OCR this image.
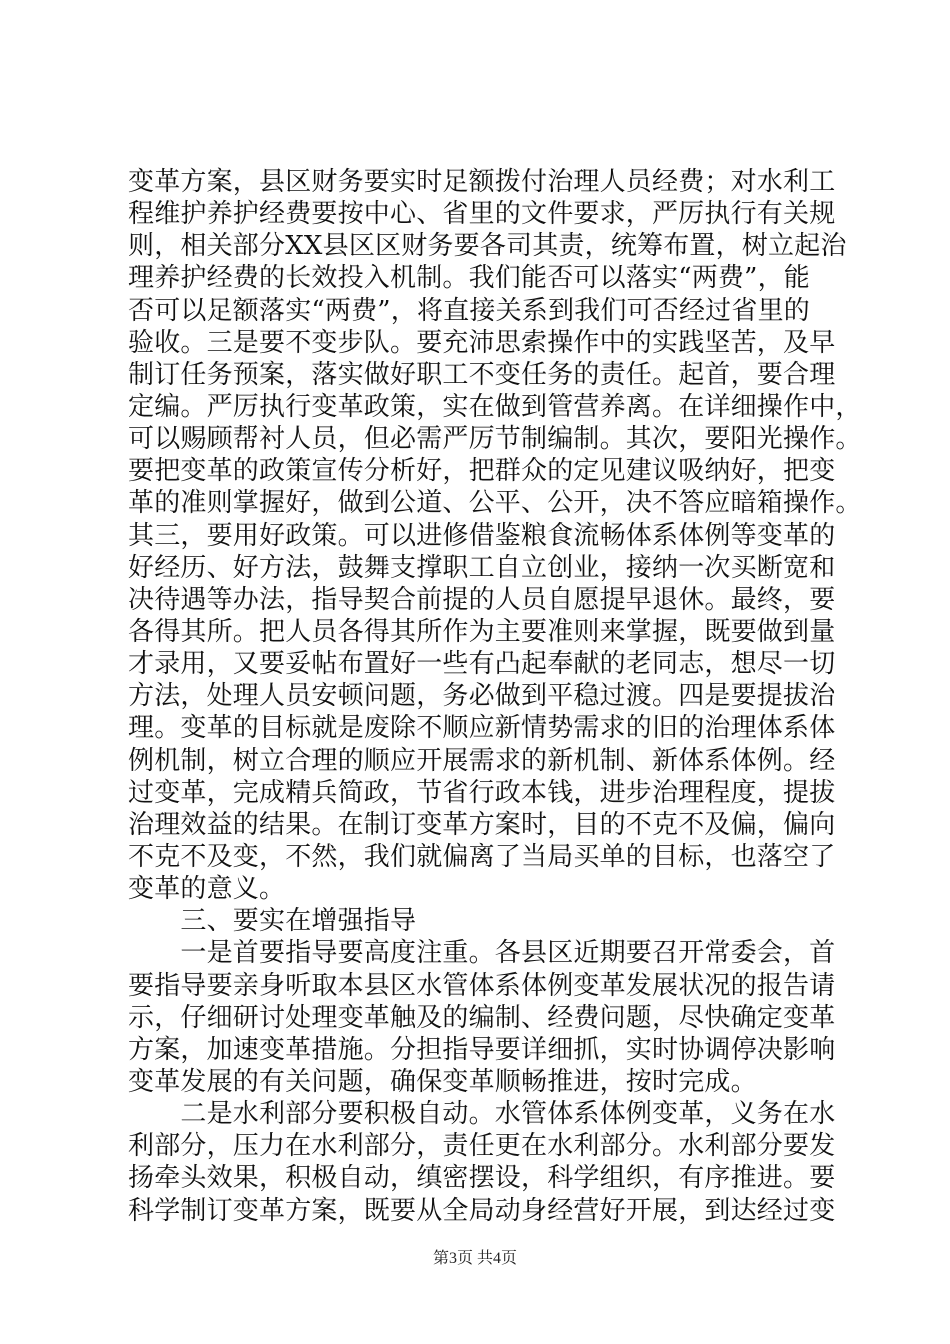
变革方案，县区财务要实时足额拨付治理人员经费；对水利工
程维护养护经费要按中心、省里的文件要求，严厉执行有关规
则，相关部分XX县区区财务要各司其责，统筹布置，树立起治
理养护经费的长效投入机制。我们能否可以落实“两费”，能
否可以足额落实“两费”，将直接关系到我们可否经过省里的
验收。三是要不变步队。要充沛思索操作中的实践坚苦，及早
制订任务预案，落实做好职工不变任务的责任。起首，要合理
定编。严厉执行变革政策，实在做到管营养离。在详细操作中，
可以赐顾帮衬人员，但必需严厉节制编制。其次，要阳光操作。
要把变革的政策宣传分析好，把群众的定见建议吸纳好，把变
革的准则掌握好，做到公道、公平、公开，决不答应暗箱操作。
其三，要用好政策。可以进修借鉴粮食流畅体系体例等变革的
好经历、好方法，鼓舞支撑职工自立创业，接纳一次买断宽和
决待遇等办法，指导契合前提的人员自愿提早退休。最终，要
各得其所。把人员各得其所作为主要准则来掌握，既要做到量
才录用，又要妥帖布置好一些有凸起奉献的老同志，想尽一切
方法，处理人员安顿问题，务必做到平稳过渡。四是要提拔治
理。变革的目标就是废除不顺应新情势需求的旧的治理体系体
例机制，树立合理的顺应开展需求的新机制、新体系体例。经
过变革，完成精兵简政，节省行政本钱，进步治理程度，提拔
治理效益的结果。在制订变革方案时，目的不克不及偏，偏向
不克不及变，不然，我们就偏离了当局买单的目标，也落空了
变革的意义。
　　三、要实在增强指导
　　一是首要指导要高度注重。各县区近期要召开常委会，首
要指导要亲身听取本县区水管体系体例变革发展状况的报告请
示，仔细研讨处理变革触及的编制、经费问题，尽快确定变革
方案，加速变革措施。分担指导要详细抓，实时协调停决影响
变革发展的有关问题，确保变革顺畅推进，按时完成。
　　二是水利部分要积极自动。水管体系体例变革，义务在水
利部分，压力在水利部分，责任更在水利部分。水利部分要发
扬牵头效果，积极自动，缜密摆设，科学组织，有序推进。要
科学制订变革方案，既要从全局动身经营好开展，到达经过变
第3页 共4页
